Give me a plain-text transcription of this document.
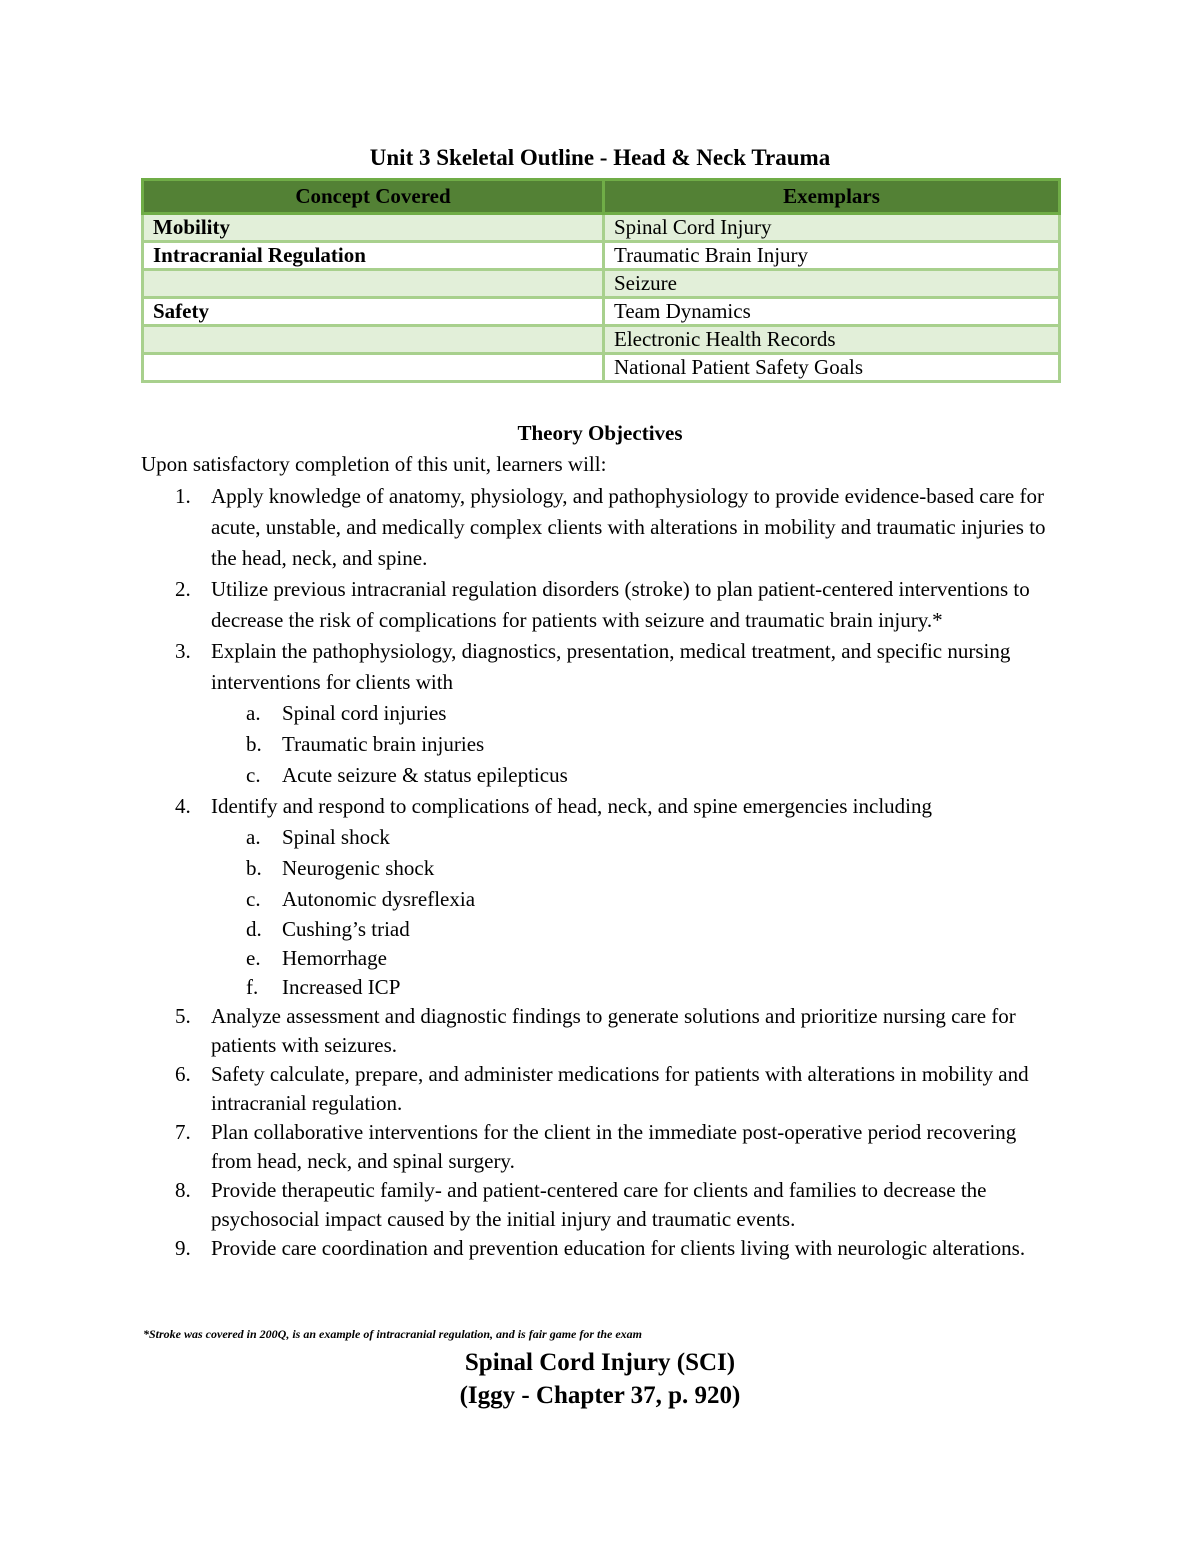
Unit 3 Skeletal Outline - Head & Neck Trauma
Concept Covered	Exemplars
Mobility	Spinal Cord Injury
Intracranial Regulation	Traumatic Brain Injury
	Seizure
Safety	Team Dynamics
	Electronic Health Records
	National Patient Safety Goals
Theory Objectives
Upon satisfactory completion of this unit, learners will:
1. Apply knowledge of anatomy, physiology, and pathophysiology to provide evidence-based care for acute, unstable, and medically complex clients with alterations in mobility and traumatic injuries to the head, neck, and spine.
2. Utilize previous intracranial regulation disorders (stroke) to plan patient-centered interventions to decrease the risk of complications for patients with seizure and traumatic brain injury.*
3. Explain the pathophysiology, diagnostics, presentation, medical treatment, and specific nursing interventions for clients with
a. Spinal cord injuries
b. Traumatic brain injuries
c. Acute seizure & status epilepticus
4. Identify and respond to complications of head, neck, and spine emergencies including
a. Spinal shock
b. Neurogenic shock
c. Autonomic dysreflexia
d. Cushing’s triad
e. Hemorrhage
f. Increased ICP
5. Analyze assessment and diagnostic findings to generate solutions and prioritize nursing care for patients with seizures.
6. Safety calculate, prepare, and administer medications for patients with alterations in mobility and intracranial regulation.
7. Plan collaborative interventions for the client in the immediate post-operative period recovering from head, neck, and spinal surgery.
8. Provide therapeutic family- and patient-centered care for clients and families to decrease the psychosocial impact caused by the initial injury and traumatic events.
9. Provide care coordination and prevention education for clients living with neurologic alterations.
*Stroke was covered in 200Q, is an example of intracranial regulation, and is fair game for the exam
Spinal Cord Injury (SCI)
(Iggy - Chapter 37, p. 920)
